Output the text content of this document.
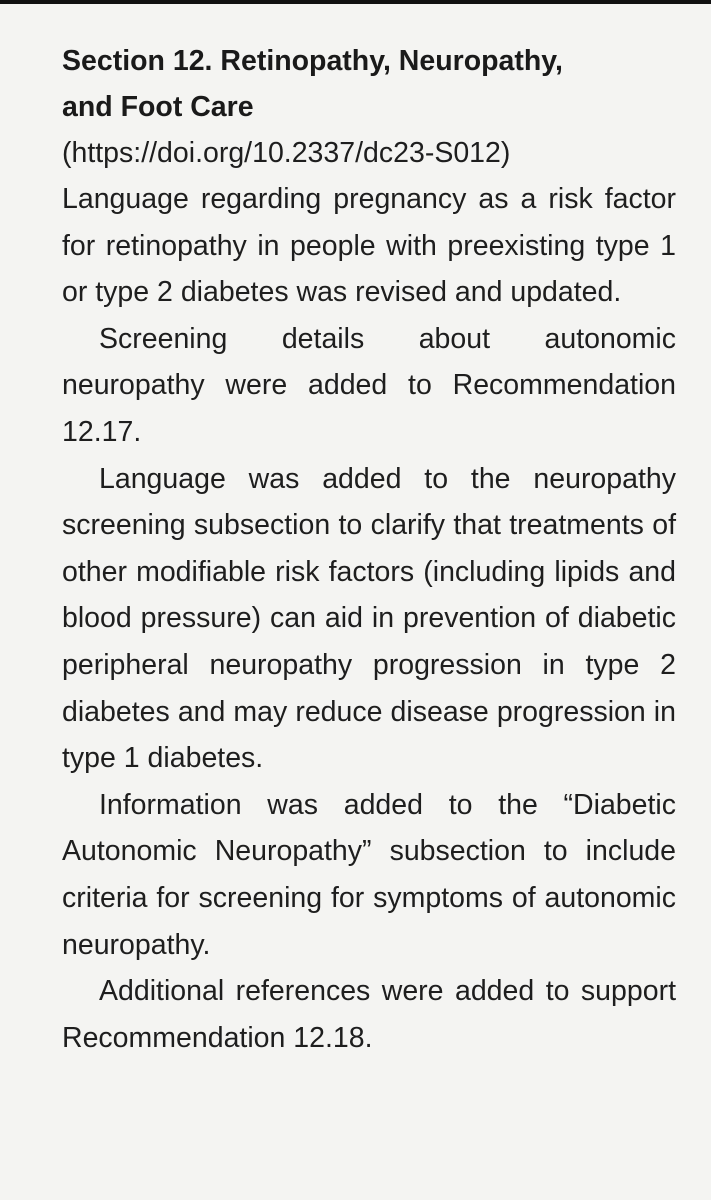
Section 12. Retinopathy, Neuropathy,
and Foot Care

(https://doi.org/10.2337/dc23-S012)

Language regarding pregnancy as a risk factor for retinopathy in people with preexisting type 1 or type 2 diabetes was revised and updated.

Screening details about autonomic neuropathy were added to Recommendation 12.17.

Language was added to the neuropathy screening subsection to clarify that treatments of other modifiable risk factors (including lipids and blood pressure) can aid in prevention of diabetic peripheral neuropathy progression in type 2 diabetes and may reduce disease progression in type 1 diabetes.

Information was added to the “Diabetic Autonomic Neuropathy” subsection to include criteria for screening for symptoms of autonomic neuropathy.

Additional references were added to support Recommendation 12.18.
